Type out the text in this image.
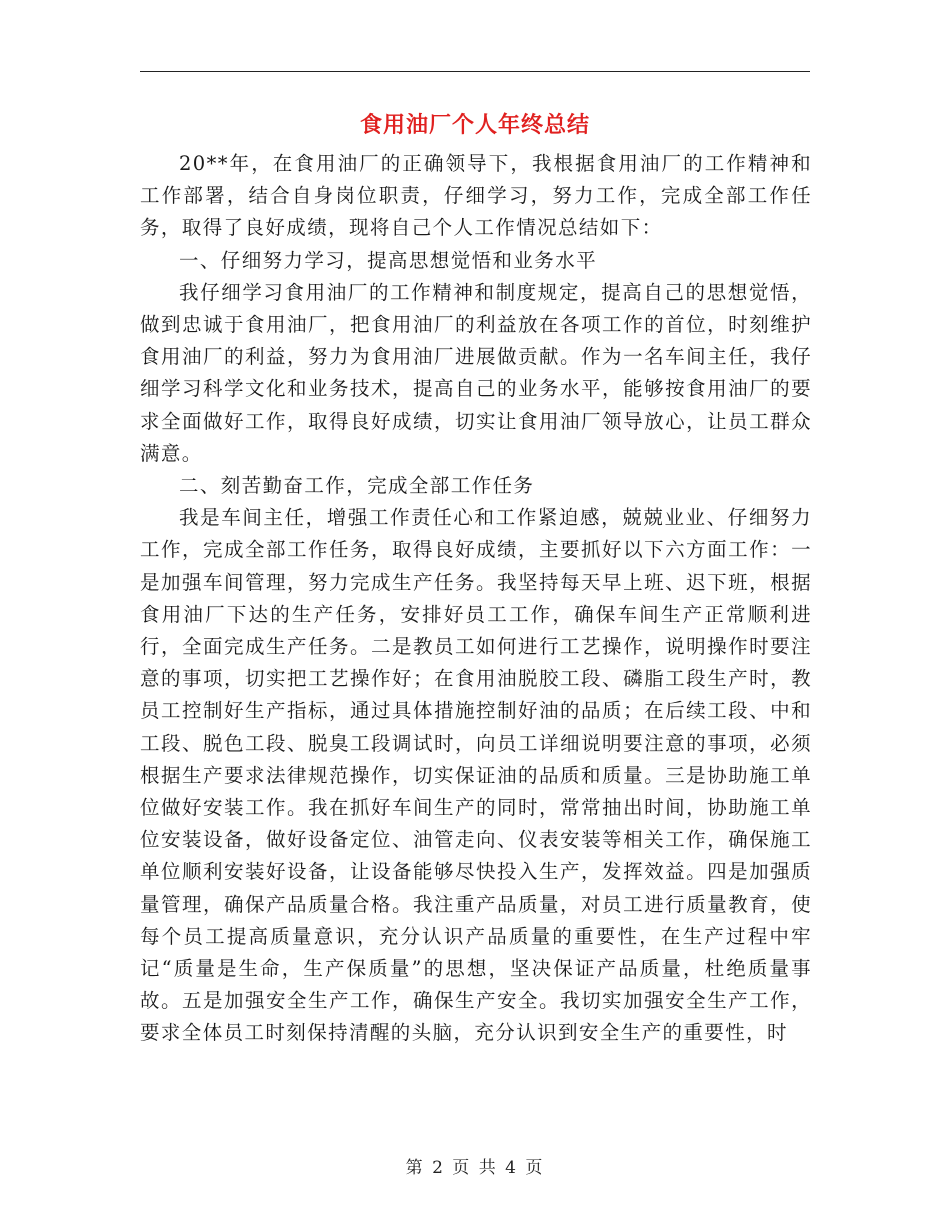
食用油厂个人年终总结

20**年，在食用油厂的正确领导下，我根据食用油厂的工作精神和工作部署，结合自身岗位职责，仔细学习，努力工作，完成全部工作任务，取得了良好成绩，现将自己个人工作情况总结如下：

一、仔细努力学习，提高思想觉悟和业务水平

我仔细学习食用油厂的工作精神和制度规定，提高自己的思想觉悟，做到忠诚于食用油厂，把食用油厂的利益放在各项工作的首位，时刻维护食用油厂的利益，努力为食用油厂进展做贡献。作为一名车间主任，我仔细学习科学文化和业务技术，提高自己的业务水平，能够按食用油厂的要求全面做好工作，取得良好成绩，切实让食用油厂领导放心，让员工群众满意。

二、刻苦勤奋工作，完成全部工作任务

我是车间主任，增强工作责任心和工作紧迫感，兢兢业业、仔细努力工作，完成全部工作任务，取得良好成绩，主要抓好以下六方面工作：一是加强车间管理，努力完成生产任务。我坚持每天早上班、迟下班，根据食用油厂下达的生产任务，安排好员工工作，确保车间生产正常顺利进行，全面完成生产任务。二是教员工如何进行工艺操作，说明操作时要注意的事项，切实把工艺操作好；在食用油脱胶工段、磷脂工段生产时，教员工控制好生产指标，通过具体措施控制好油的品质；在后续工段、中和工段、脱色工段、脱臭工段调试时，向员工详细说明要注意的事项，必须根据生产要求法律规范操作，切实保证油的品质和质量。三是协助施工单位做好安装工作。我在抓好车间生产的同时，常常抽出时间，协助施工单位安装设备，做好设备定位、油管走向、仪表安装等相关工作，确保施工单位顺利安装好设备，让设备能够尽快投入生产，发挥效益。四是加强质量管理，确保产品质量合格。我注重产品质量，对员工进行质量教育，使每个员工提高质量意识，充分认识产品质量的重要性，在生产过程中牢记“质量是生命，生产保质量”的思想，坚决保证产品质量，杜绝质量事故。五是加强安全生产工作，确保生产安全。我切实加强安全生产工作，要求全体员工时刻保持清醒的头脑，充分认识到安全生产的重要性，时

第 2 页 共 4 页
